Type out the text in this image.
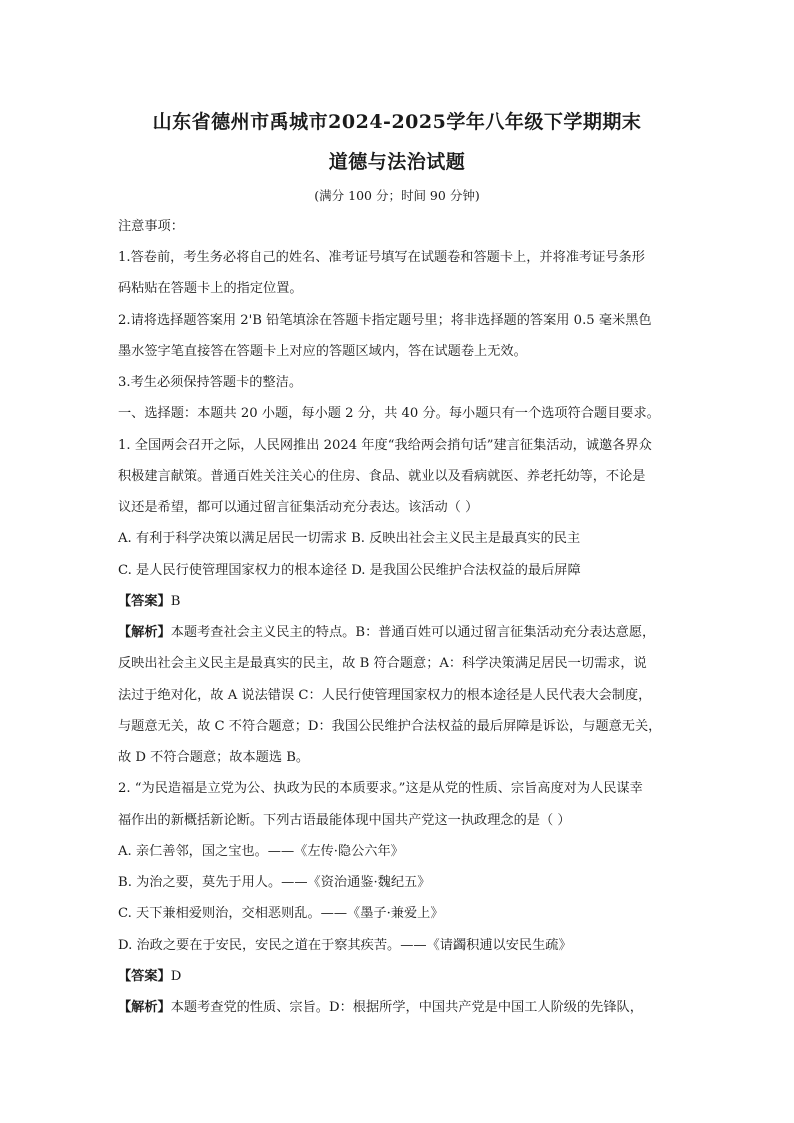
山东省德州市禹城市2024-2025学年八年级下学期期末
道德与法治试题
(满分 100 分；时间 90 分钟)
注意事项：
1.答卷前，考生务必将自己的姓名、准考证号填写在试题卷和答题卡上，并将准考证号条形
码粘贴在答题卡上的指定位置。
2.请将选择题答案用 2'B 铅笔填涂在答题卡指定题号里；将非选择题的答案用 0.5 毫米黑色
墨水签字笔直接答在答题卡上对应的答题区域内，答在试题卷上无效。
3.考生必须保持答题卡的整洁。
一、选择题：本题共 20 小题，每小题 2 分，共 40 分。每小题只有一个选项符合题目要求。
1. 全国两会召开之际，人民网推出 2024 年度“我给两会捎句话”建言征集活动，诚邀各界众
积极建言献策。普通百姓关注关心的住房、食品、就业以及看病就医、养老托幼等，不论是
议还是希望，都可以通过留言征集活动充分表达。该活动（ ）
A. 有利于科学决策以满足居民一切需求 B. 反映出社会主义民主是最真实的民主
C. 是人民行使管理国家权力的根本途径 D. 是我国公民维护合法权益的最后屏障
【答案】B
【解析】本题考查社会主义民主的特点。B：普通百姓可以通过留言征集活动充分表达意愿，
反映出社会主义民主是最真实的民主，故 B 符合题意；A：科学决策满足居民一切需求，说
法过于绝对化，故 A 说法错误 C：人民行使管理国家权力的根本途径是人民代表大会制度，
与题意无关，故 C 不符合题意；D：我国公民维护合法权益的最后屏障是诉讼，与题意无关，
故 D 不符合题意；故本题选 B。
2. “为民造福是立党为公、执政为民的本质要求。”这是从党的性质、宗旨高度对为人民谋幸
福作出的新概括新论断。下列古语最能体现中国共产党这一执政理念的是（ ）
A. 亲仁善邻，国之宝也。——《左传·隐公六年》
B. 为治之要，莫先于用人。——《资治通鉴·魏纪五》
C. 天下兼相爱则治，交相恶则乱。——《墨子·兼爱上》
D. 治政之要在于安民，安民之道在于察其疾苦。——《请蠲积逋以安民生疏》
【答案】D
【解析】本题考查党的性质、宗旨。D：根据所学，中国共产党是中国工人阶级的先锋队，
